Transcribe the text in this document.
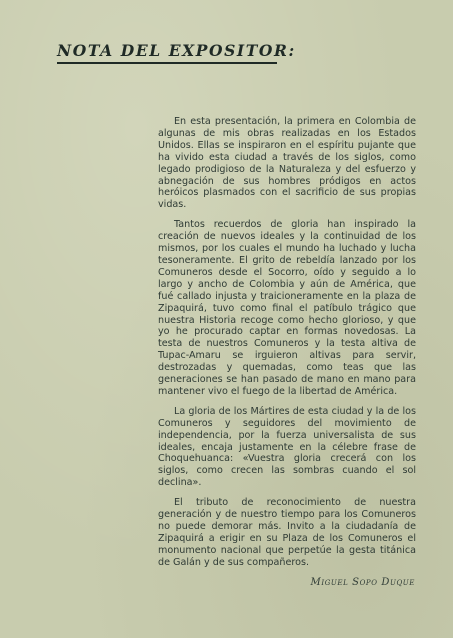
NOTA DEL EXPOSITOR:

En esta presentación, la primera en Colombia de algunas de mis obras realizadas en los Estados Unidos. Ellas se inspiraron en el espíritu pujante que ha vivido esta ciudad a través de los siglos, como legado prodigioso de la Naturaleza y del esfuerzo y abnegación de sus hombres pródigos en actos heróicos plasmados con el sacrificio de sus propias vidas.

Tantos recuerdos de gloria han inspirado la creación de nuevos ideales y la continuidad de los mismos, por los cuales el mundo ha luchado y lucha tesoneramente. El grito de rebeldía lanzado por los Comuneros desde el Socorro, oído y seguido a lo largo y ancho de Colombia y aún de América, que fué callado injusta y traicioneramente en la plaza de Zipaquirá, tuvo como final el patíbulo trágico que nuestra Historia recoge como hecho glorioso, y que yo he procurado captar en formas novedosas. La testa de nuestros Comuneros y la testa altiva de Tupac-Amaru se irguieron altivas para servir, destrozadas y quemadas, como teas que las generaciones se han pasado de mano en mano para mantener vivo el fuego de la libertad de América.

La gloria de los Mártires de esta ciudad y la de los Comuneros y seguidores del movimiento de independencia, por la fuerza universalista de sus ideales, encaja justamente en la célebre frase de Choquehuanca: «Vuestra gloria crecerá con los siglos, como crecen las sombras cuando el sol declina».

El tributo de reconocimiento de nuestra generación y de nuestro tiempo para los Comuneros no puede demorar más. Invito a la ciudadanía de Zipaquirá a erigir en su Plaza de los Comuneros el monumento nacional que perpetúe la gesta titánica de Galán y de sus compañeros.

Miguel Sopo Duque
